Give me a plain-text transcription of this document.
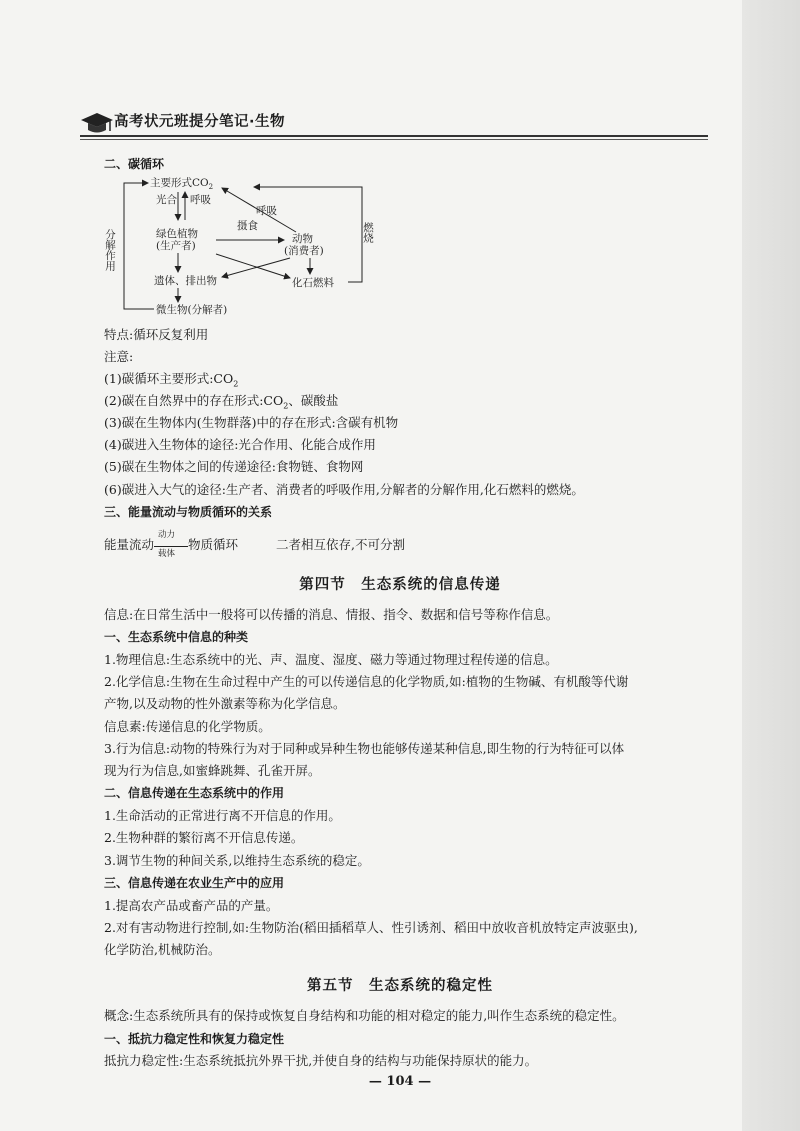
高考状元班提分笔记·生物
二、碳循环
主要形式$CO_2$
光合 呼吸
绿色植物
(生产者)
呼吸
摄食
动物
(消费者)
遗体、排出物	化石燃料
微生物(分解者)
分解作用	燃烧
特点:循环反复利用
注意:
(1)碳循环主要形式$:CO_2$
(2)碳在自然界中的存在形式$:CO_2$、碳酸盐
(3)碳在生物体内(生物群落)中的存在形式:含碳有机物
(4)碳进入生物体的途径:光合作用、化能合成作用
(5)碳在生物体之间的传递途径:食物链、食物网
(6)碳进入大气的途径:生产者、消费者的呼吸作用,分解者的分解作用,化石燃料的燃烧。
三、能量流动与物质循环的关系
能量流动
动力
载体
物质循环	二者相互依存,不可分割
第四节　生态系统的信息传递
信息:在日常生活中一般将可以传播的消息、情报、指令、数据和信号等称作信息。
一、生态系统中信息的种类
1.物理信息:生态系统中的光、声、温度、湿度、磁力等通过物理过程传递的信息。
2.化学信息:生物在生命过程中产生的可以传递信息的化学物质,如:植物的生物碱、有机酸等代谢
产物,以及动物的性外激素等称为化学信息。
信息素:传递信息的化学物质。
3.行为信息:动物的特殊行为对于同种或异种生物也能够传递某种信息,即生物的行为特征可以体
现为行为信息,如蜜蜂跳舞、孔雀开屏。
二、信息传递在生态系统中的作用
1.生命活动的正常进行离不开信息的作用。
2.生物种群的繁衍离不开信息传递。
3.调节生物的种间关系,以维持生态系统的稳定。
三、信息传递在农业生产中的应用
1.提高农产品或畜产品的产量。
2.对有害动物进行控制,如:生物防治(稻田插稻草人、性引诱剂、稻田中放收音机放特定声波驱虫),
化学防治,机械防治。
第五节　生态系统的稳定性
概念:生态系统所具有的保持或恢复自身结构和功能的相对稳定的能力,叫作生态系统的稳定性。
一、抵抗力稳定性和恢复力稳定性
抵抗力稳定性:生态系统抵抗外界干扰,并使自身的结构与功能保持原状的能力。
— 104 —
